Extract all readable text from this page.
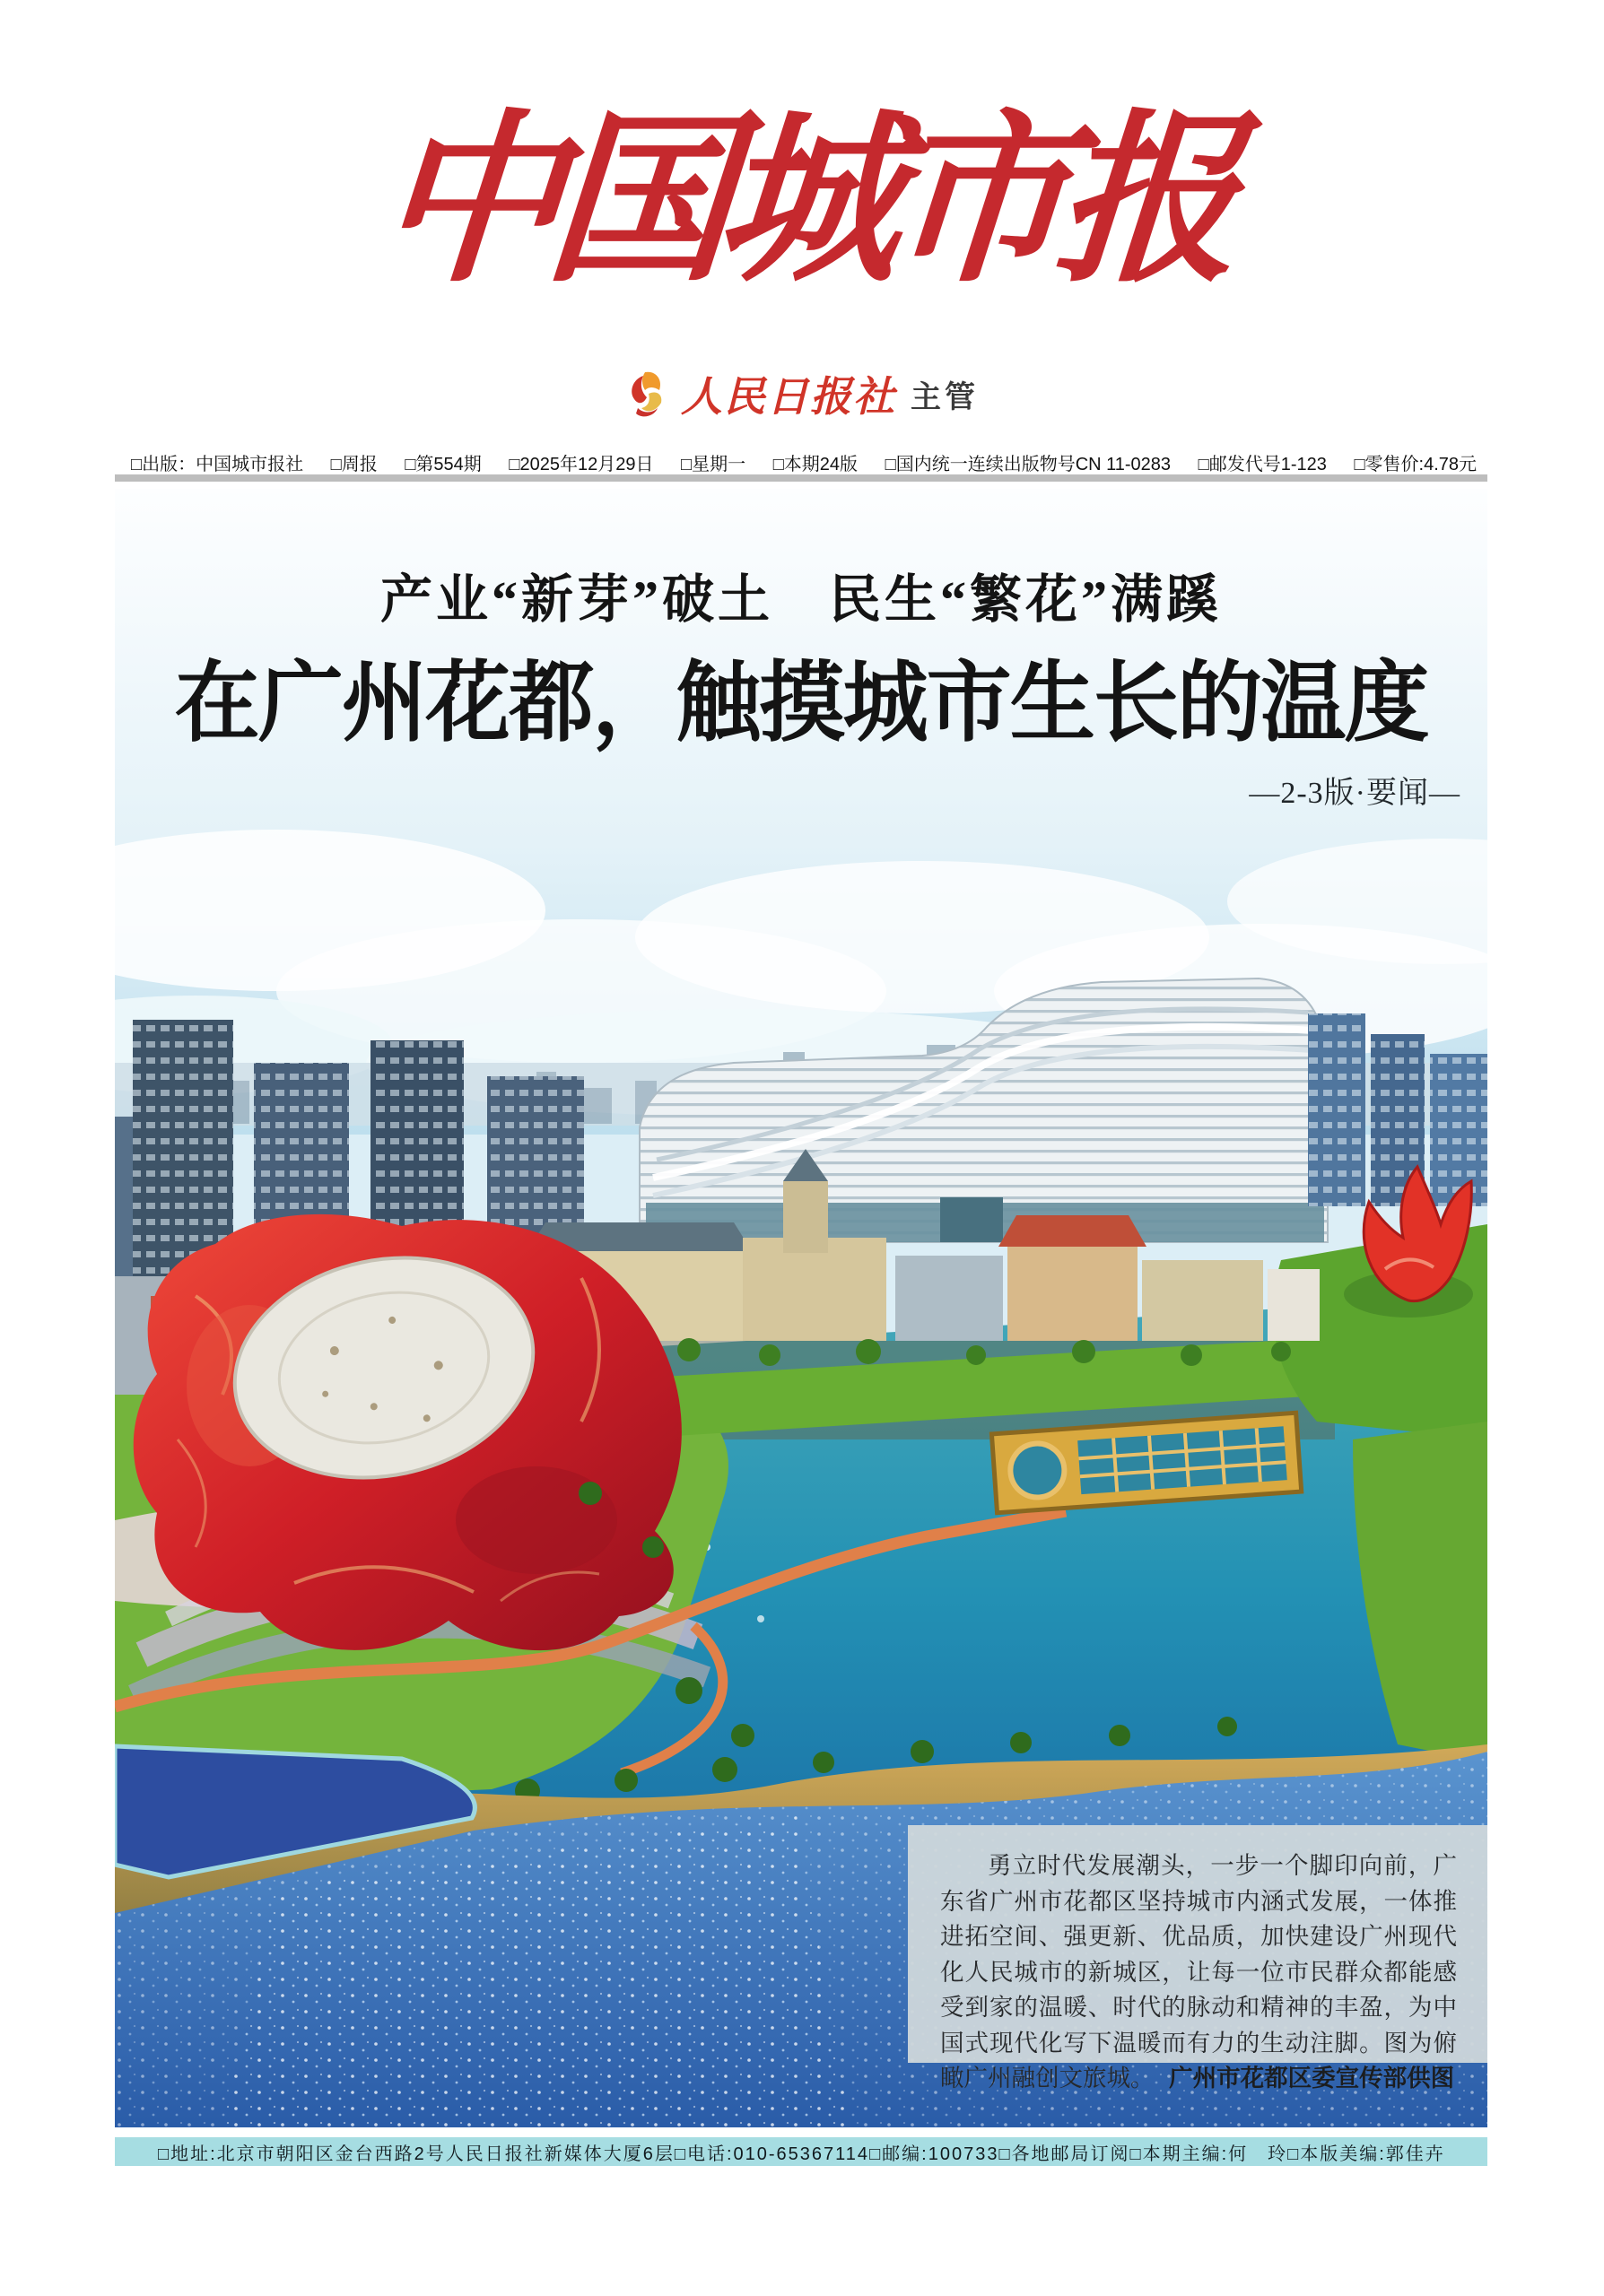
中国城市报
人民日报社 主管
□出版：中国城市报社 □周报 □第554期 □2025年12月29日 □星期一 □本期24版 □国内统一连续出版物号CN 11-0283 □邮发代号1-123 □零售价:4.78元
产业“新芽”破土　民生“繁花”满蹊
在广州花都，触摸城市生长的温度
—2-3版·要闻—
勇立时代发展潮头，一步一个脚印向前，广东省广州市花都区坚持城市内涵式发展，一体推进拓空间、强更新、优品质，加快建设广州现代化人民城市的新城区，让每一位市民群众都能感受到家的温暖、时代的脉动和精神的丰盈，为中国式现代化写下温暖而有力的生动注脚。图为俯瞰广州融创文旅城。 广州市花都区委宣传部供图
□地址:北京市朝阳区金台西路2号人民日报社新媒体大厦6层 □电话:010-65367114 □邮编:100733 □各地邮局订阅 □本期主编:何　玲 □本版美编:郭佳卉
